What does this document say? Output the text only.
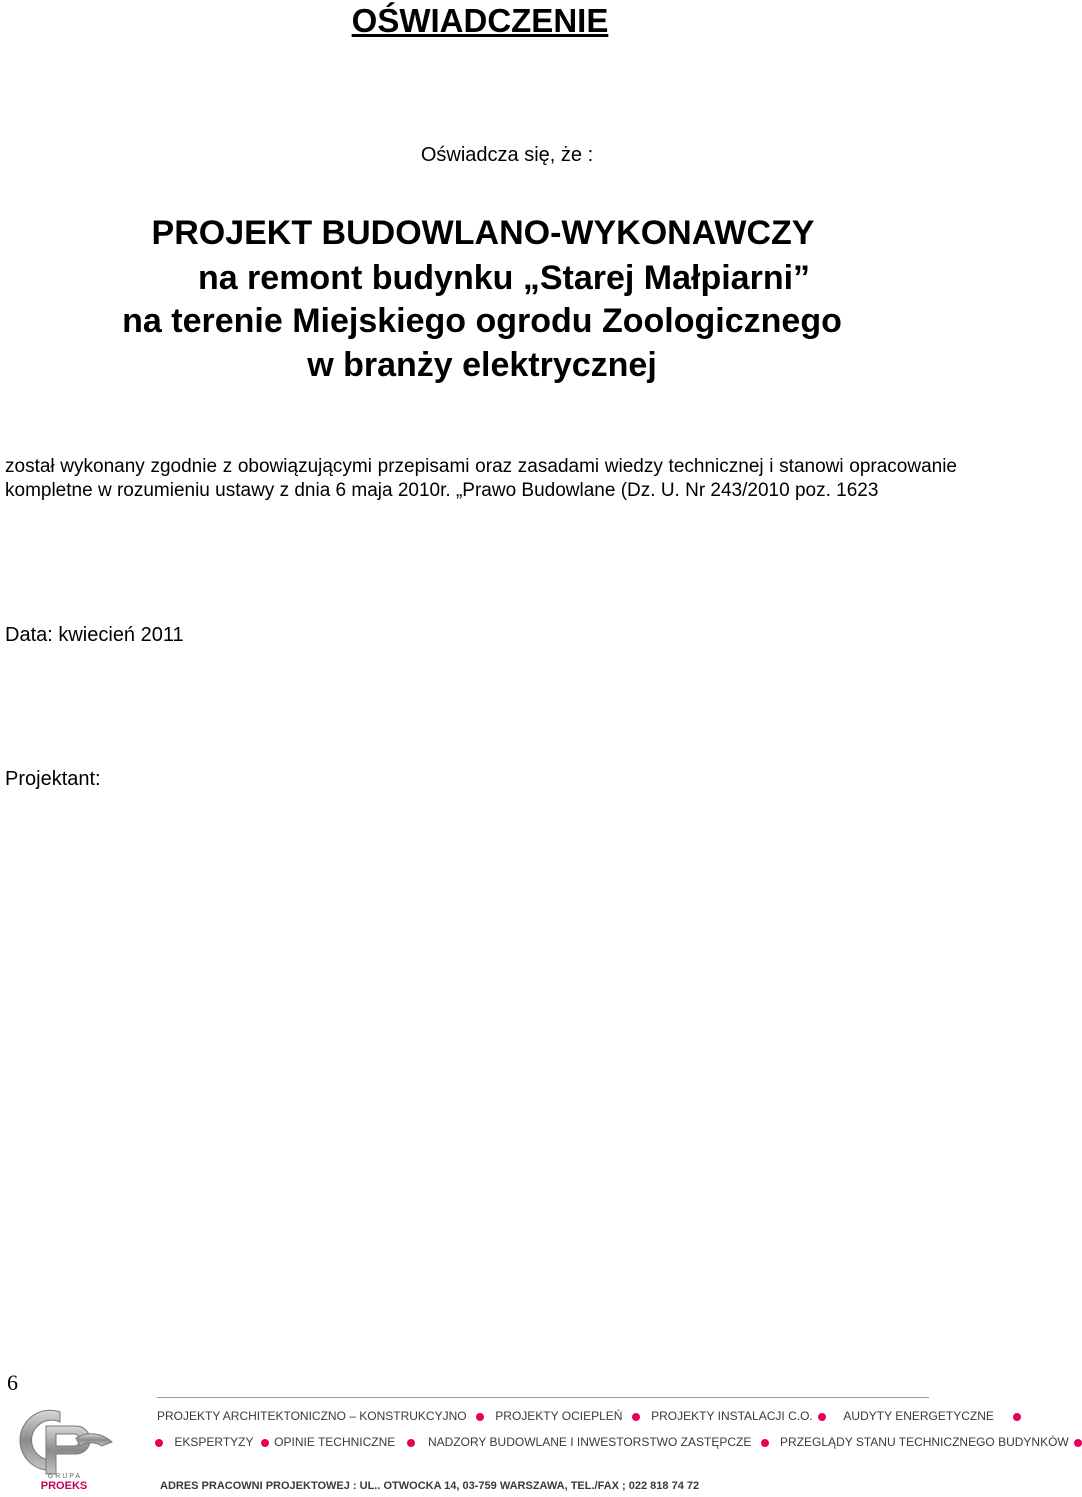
OŚWIADCZENIE
Oświadcza się, że :
PROJEKT BUDOWLANO-WYKONAWCZY
na remont budynku „Starej Małpiarni”
na terenie Miejskiego ogrodu Zoologicznego
w branży elektrycznej
został wykonany zgodnie z obowiązującymi przepisami oraz zasadami wiedzy technicznej i stanowi opracowanie kompletne w rozumieniu ustawy z dnia 6 maja 2010r. „Prawo Budowlane (Dz. U. Nr 243/2010 poz. 1623
Data: kwiecień 2011
Projektant:
6
PROJEKTY ARCHITEKTONICZNO – KONSTRUKCYJNO PROJEKTY OCIEPLEŃ PROJEKTY INSTALACJI C.O.	AUDYTY ENERGETYCZNE
EKSPERTYZY OPINIE TECHNICZNE	NADZORY BUDOWLANE I INWESTORSTWO ZASTĘPCZE PRZEGLĄDY STANU TECHNICZNEGO BUDYNKÓW
ADRES PRACOWNI PROJEKTOWEJ : UL.. OTWOCKA 14, 03-759 WARSZAWA, TEL./FAX ; 022 818 74 72
G R U P A
PROEKS
